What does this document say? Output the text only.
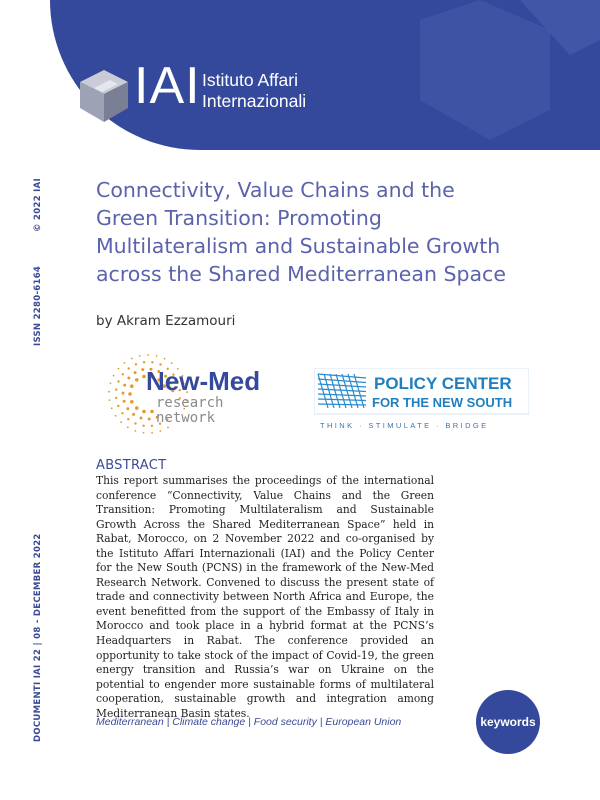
IAI Istituto Affari
Internazionali
© 2022 IAI
ISSN 2280-6164
DOCUMENTI IAI 22 | 08 - DECEMBER 2022
Connectivity, Value Chains and the
Green Transition: Promoting
Multilateralism and Sustainable Growth
across the Shared Mediterranean Space
by Akram Ezzamouri
New-Med
research
network
POLICY CENTER
FOR THE NEW SOUTH
THINK · STIMULATE · BRIDGE
ABSTRACT

This report summarises the proceedings of the international conference “Connectivity, Value Chains and the Green Transition: Promoting Multilateralism and Sustainable Growth Across the Shared Mediterranean Space” held in Rabat, Morocco, on 2 November 2022 and co-organised by the Istituto Affari Internazionali (IAI) and the Policy Center for the New South (PCNS) in the framework of the New-Med Research Network. Convened to discuss the present state of trade and connectivity between North Africa and Europe, the event benefitted from the support of the Embassy of Italy in Morocco and took place in a hybrid format at the PCNS’s Headquarters in Rabat. The conference provided an opportunity to take stock of the impact of Covid-19, the green energy transition and Russia’s war on Ukraine on the potential to engender more sustainable forms of multilateral cooperation, sustainable growth and integration among Mediterranean Basin states.

Mediterranean | Climate change | Food security | European Union	keywords
